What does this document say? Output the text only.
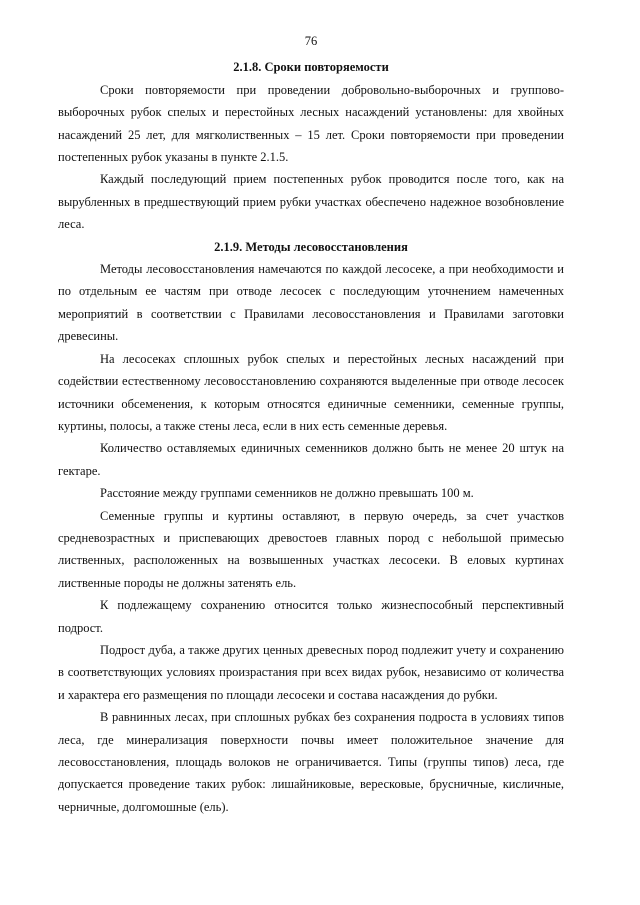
76
2.1.8. Сроки повторяемости

Сроки повторяемости при проведении добровольно-выборочных и группово-выборочных рубок спелых и перестойных лесных насаждений установлены: для хвойных насаждений 25 лет, для мягколиственных – 15 лет. Сроки повторяемости при проведении постепенных рубок указаны в пункте 2.1.5.

Каждый последующий прием постепенных рубок проводится после того, как на вырубленных в предшествующий прием рубки участках обеспечено надежное возобновление леса.

2.1.9. Методы лесовосстановления

Методы лесовосстановления намечаются по каждой лесосеке, а при необходимости и по отдельным ее частям при отводе лесосек с последующим уточнением намеченных мероприятий в соответствии с Правилами лесовосстановления и Правилами заготовки древесины.

На лесосеках сплошных рубок спелых и перестойных лесных насаждений при содействии естественному лесовосстановлению сохраняются выделенные при отводе лесосек источники обсеменения, к которым относятся единичные семенники, семенные группы, куртины, полосы, а также стены леса, если в них есть семенные деревья.

Количество оставляемых единичных семенников должно быть не менее 20 штук на гектаре.

Расстояние между группами семенников не должно превышать 100 м.

Семенные группы и куртины оставляют, в первую очередь, за счет участков средневозрастных и приспевающих древостоев главных пород с небольшой примесью лиственных, расположенных на возвышенных участках лесосеки. В еловых куртинах лиственные породы не должны затенять ель.

К подлежащему сохранению относится только жизнеспособный перспективный подрост.

Подрост дуба, а также других ценных древесных пород подлежит учету и сохранению в соответствующих условиях произрастания при всех видах рубок, независимо от количества и характера его размещения по площади лесосеки и состава насаждения до рубки.

В равнинных лесах, при сплошных рубках без сохранения подроста в условиях типов леса, где минерализация поверхности почвы имеет положительное значение для лесовосстановления, площадь волоков не ограничивается. Типы (группы типов) леса, где допускается проведение таких рубок: лишайниковые, вересковые, брусничные, кисличные, черничные, долгомошные (ель).
